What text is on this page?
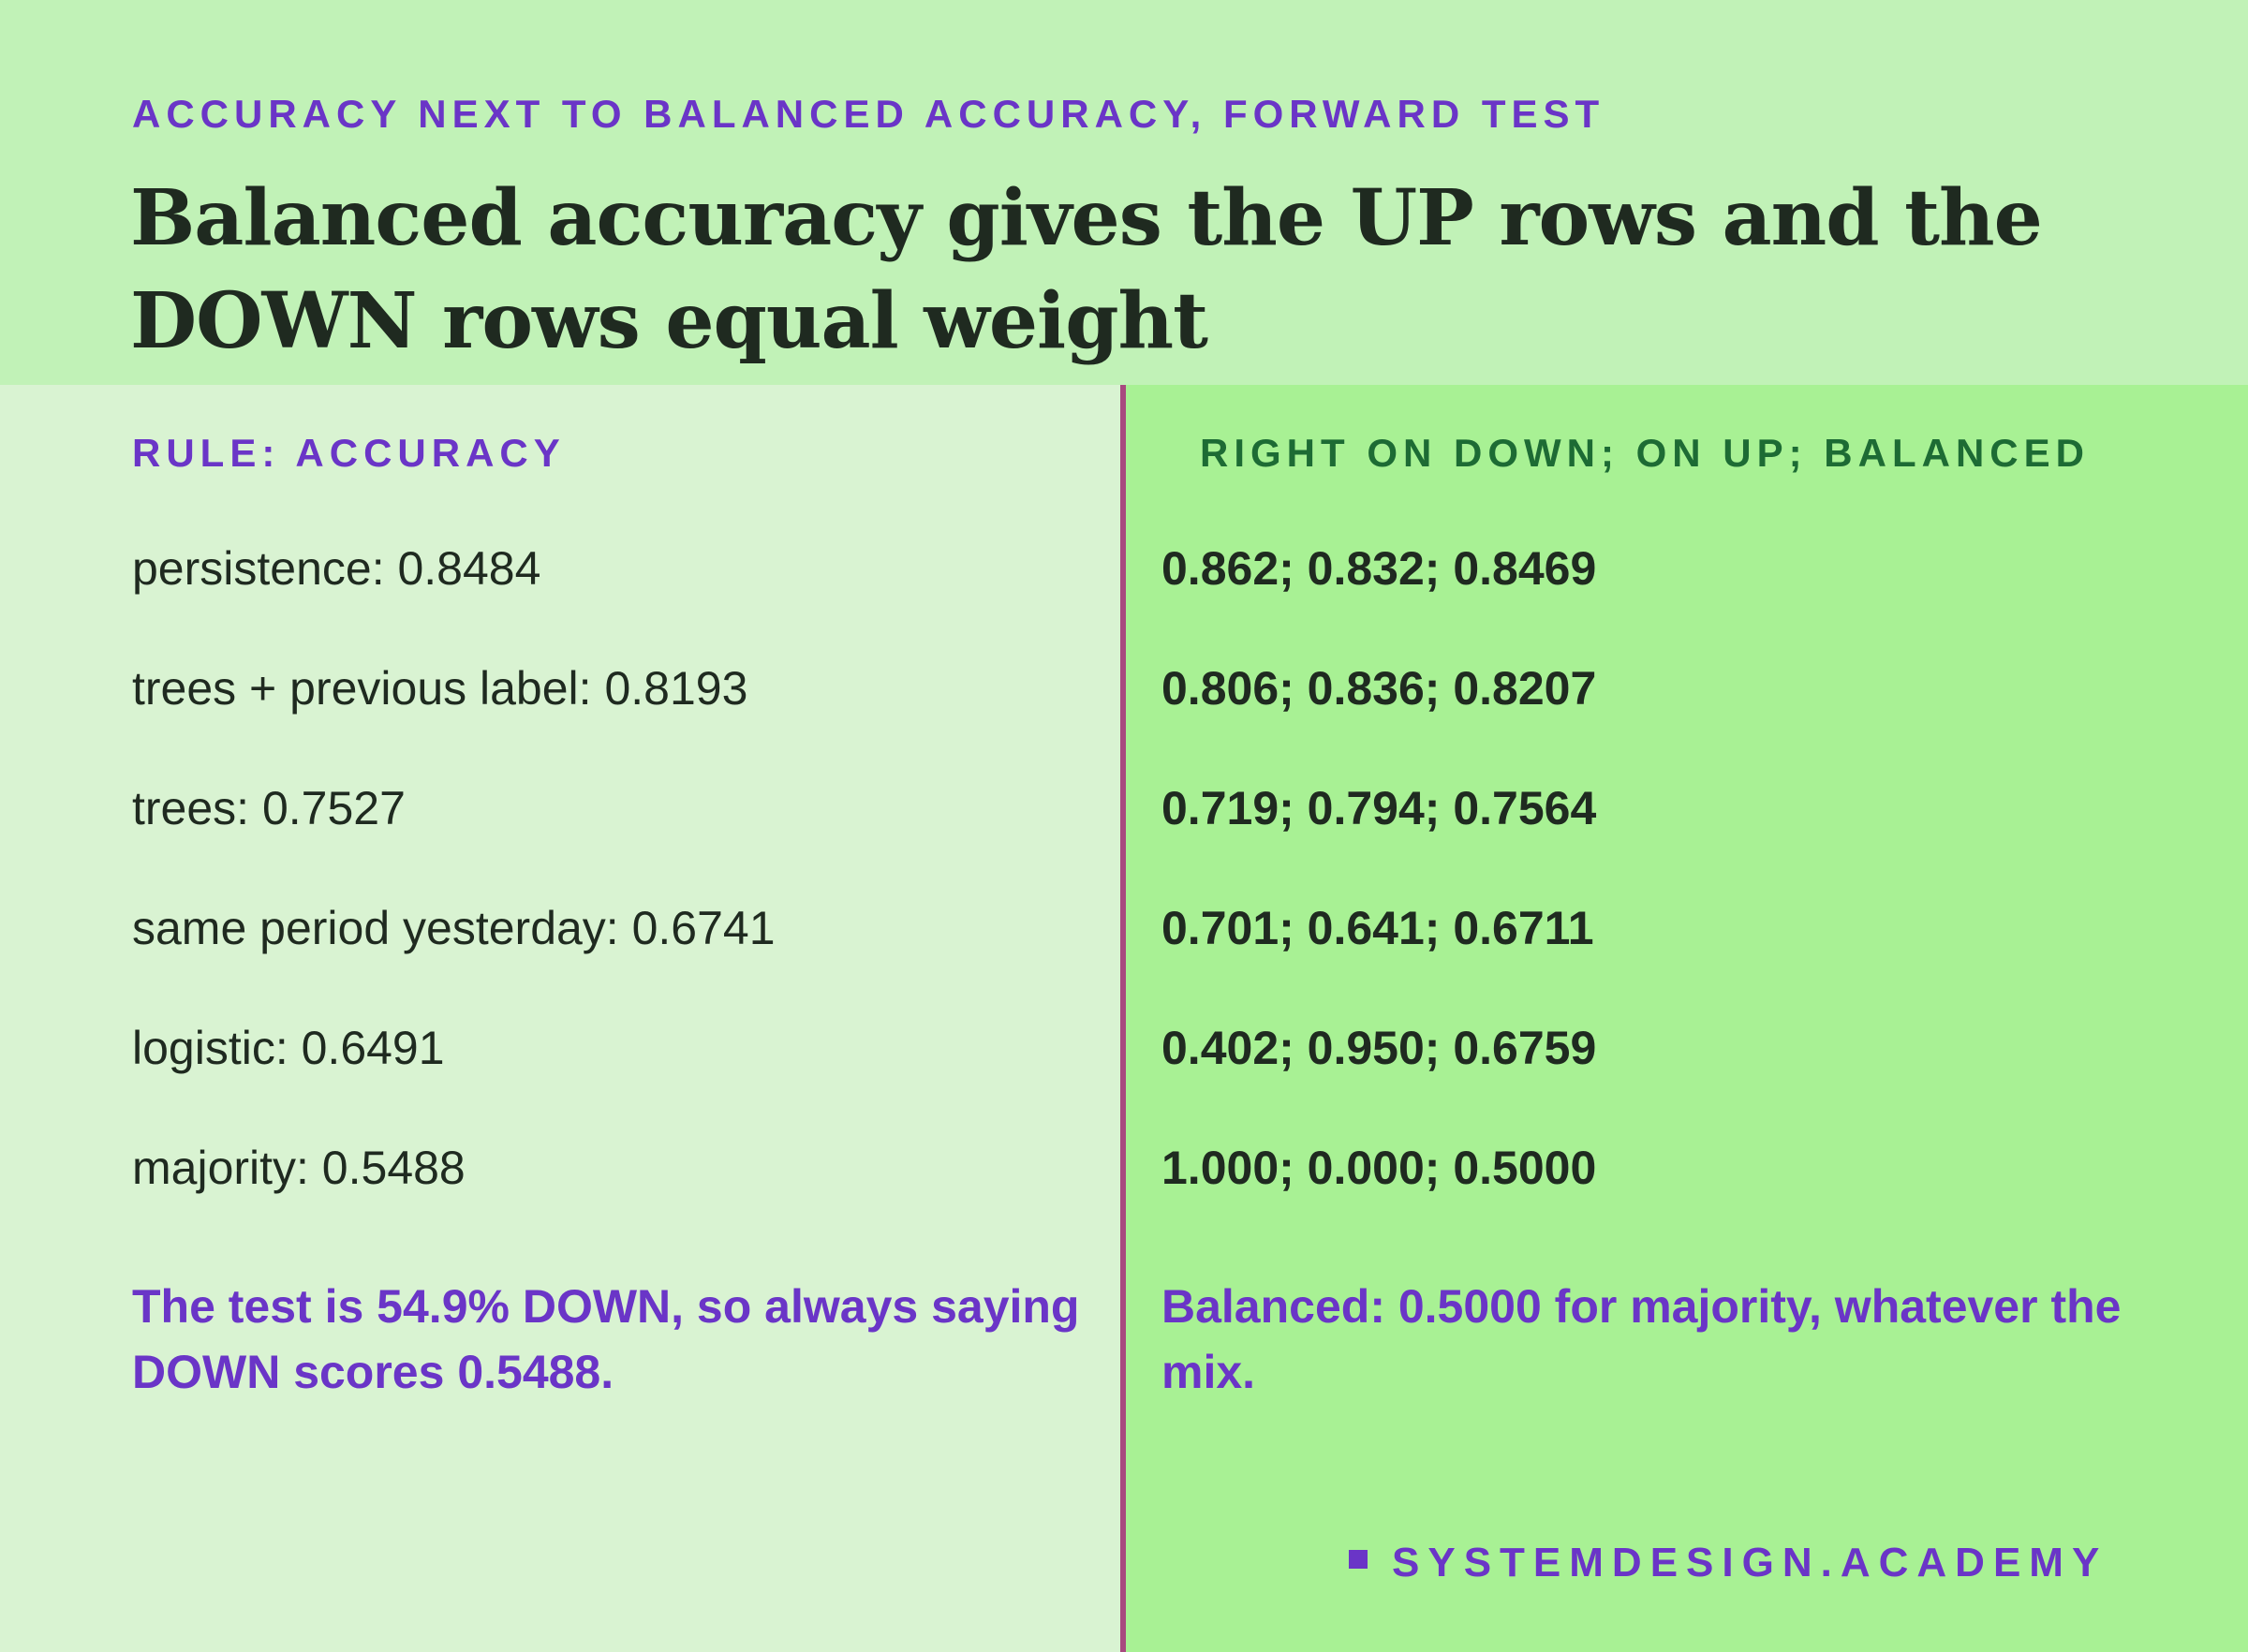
ACCURACY NEXT TO BALANCED ACCURACY, FORWARD TEST
Balanced accuracy gives the UP rows and the DOWN rows equal weight
RULE: ACCURACY	RIGHT ON DOWN; ON UP; BALANCED
persistence: 0.8484
trees + previous label: 0.8193
trees: 0.7527
same period yesterday: 0.6741
logistic: 0.6491
majority: 0.5488
0.862; 0.832; 0.8469
0.806; 0.836; 0.8207
0.719; 0.794; 0.7564
0.701; 0.641; 0.6711
0.402; 0.950; 0.6759
1.000; 0.000; 0.5000
The test is 54.9% DOWN, so always saying DOWN scores 0.5488.
Balanced: 0.5000 for majority, whatever the mix.
SYSTEMDESIGN.ACADEMY
